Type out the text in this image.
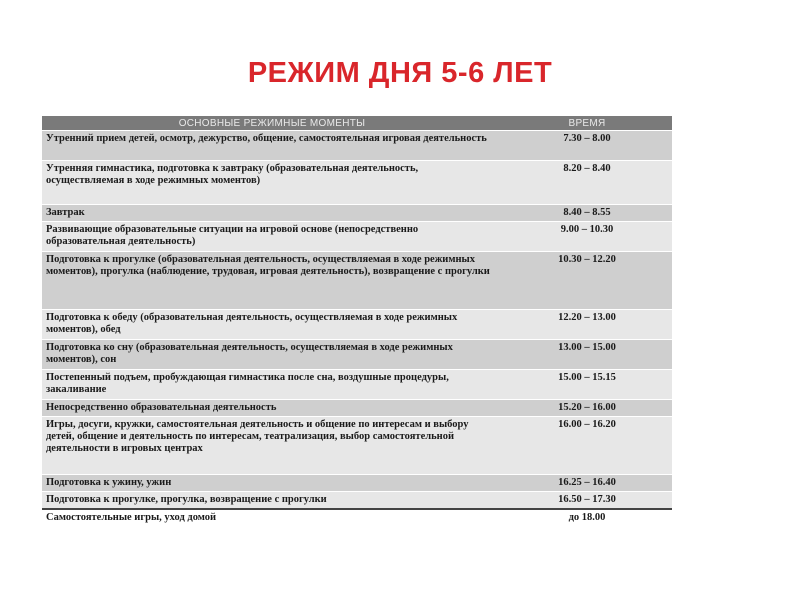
РЕЖИМ ДНЯ 5-6 ЛЕТ
ОСНОВНЫЕ РЕЖИМНЫЕ МОМЕНТЫ	ВРЕМЯ
Утренний прием детей, осмотр, дежурство, общение, самостоятельная игровая деятельность	7.30 – 8.00
Утренняя гимнастика, подготовка к завтраку (образовательная деятельность, осуществляемая в ходе режимных моментов)	8.20 – 8.40
Завтрак	8.40 – 8.55
Развивающие образовательные ситуации на игровой основе (непосредственно образовательная деятельность)	9.00 – 10.30
Подготовка к прогулке (образовательная деятельность, осуществляемая в ходе режимных моментов), прогулка (наблюдение, трудовая, игровая деятельность), возвращение с прогулки	10.30 – 12.20
Подготовка к обеду (образовательная деятельность, осуществляемая в ходе режимных моментов), обед	12.20 – 13.00
Подготовка ко сну (образовательная деятельность, осуществляемая в ходе режимных моментов), сон	13.00 – 15.00
Постепенный подъем, пробуждающая гимнастика после сна, воздушные процедуры, закаливание	15.00 – 15.15
Непосредственно образовательная деятельность	15.20 – 16.00
Игры, досуги, кружки, самостоятельная деятельность и общение по интересам и выбору детей, общение и деятельность по интересам, театрализация, выбор самостоятельной деятельности в игровых центрах	16.00 – 16.20
Подготовка к ужину, ужин	16.25 – 16.40
Подготовка к прогулке, прогулка, возвращение с прогулки	16.50 – 17.30
Самостоятельные игры, уход домой	до 18.00
